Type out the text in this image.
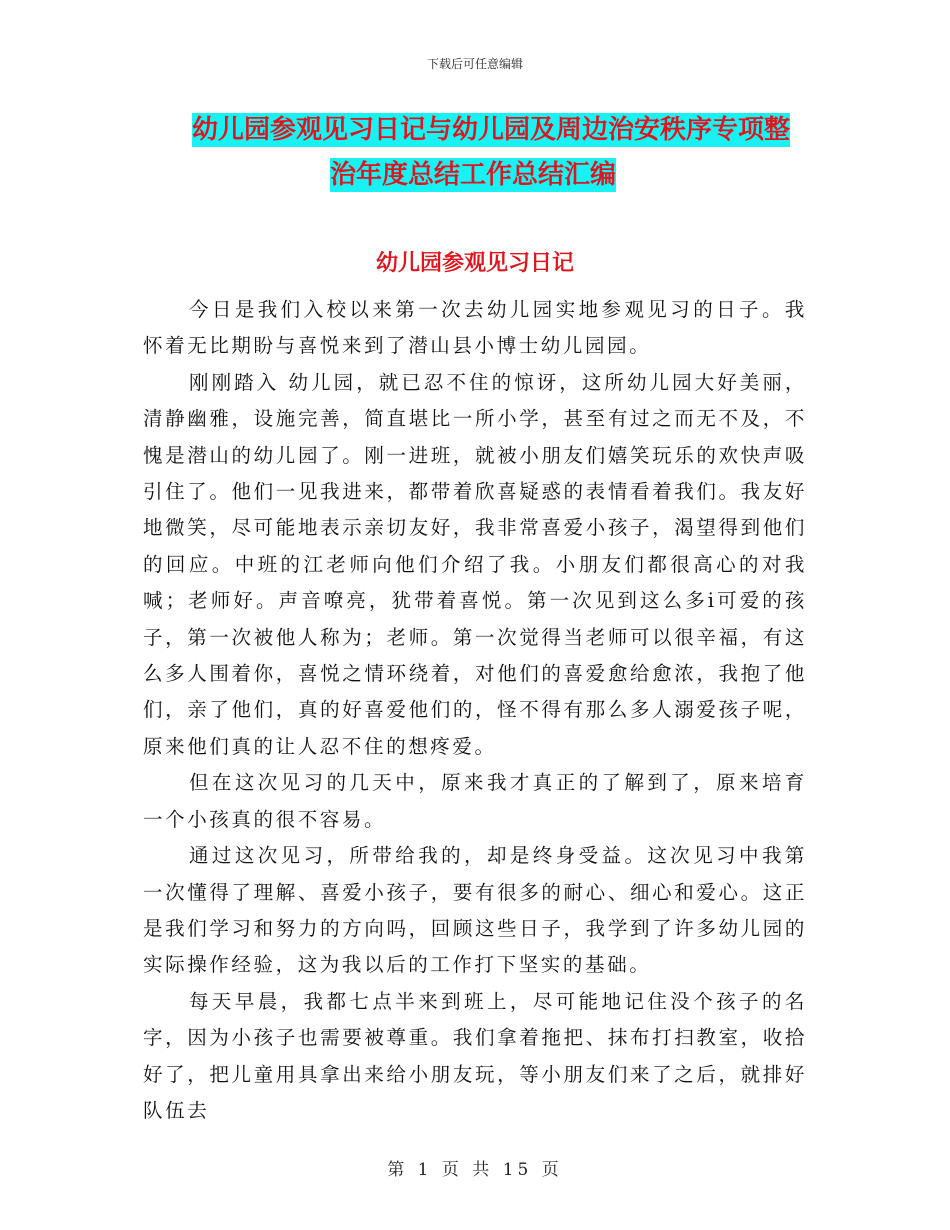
下载后可任意编辑
幼儿园参观见习日记与幼儿园及周边治安秩序专项整
治年度总结工作总结汇编
幼儿园参观见习日记

今日是我们入校以来第一次去幼儿园实地参观见习的日子。我怀着无比期盼与喜悦来到了潜山县小博士幼儿园园。

刚刚踏入 幼儿园，就已忍不住的惊讶，这所幼儿园大好美丽，清静幽雅，设施完善，简直堪比一所小学，甚至有过之而无不及，不愧是潜山的幼儿园了。刚一进班，就被小朋友们嬉笑玩乐的欢快声吸引住了。他们一见我进来，都带着欣喜疑惑的表情看着我们。我友好地微笑，尽可能地表示亲切友好，我非常喜爱小孩子，渴望得到他们的回应。中班的江老师向他们介绍了我。小朋友们都很高心的对我喊；老师好。声音嘹亮，犹带着喜悦。第一次见到这么多i可爱的孩子，第一次被他人称为；老师。第一次觉得当老师可以很辛福，有这么多人围着你，喜悦之情环绕着，对他们的喜爱愈给愈浓，我抱了他们，亲了他们，真的好喜爱他们的，怪不得有那么多人溺爱孩子呢，原来他们真的让人忍不住的想疼爱。

但在这次见习的几天中，原来我才真正的了解到了，原来培育一个小孩真的很不容易。

通过这次见习，所带给我的，却是终身受益。这次见习中我第一次懂得了理解、喜爱小孩子，要有很多的耐心、细心和爱心。这正是我们学习和努力的方向吗，回顾这些日子，我学到了许多幼儿园的实际操作经验，这为我以后的工作打下坚实的基础。

每天早晨，我都七点半来到班上，尽可能地记住没个孩子的名字，因为小孩子也需要被尊重。我们拿着拖把、抹布打扫教室，收拾好了，把儿童用具拿出来给小朋友玩，等小朋友们来了之后，就排好队伍去

第 1 页 共 15 页
